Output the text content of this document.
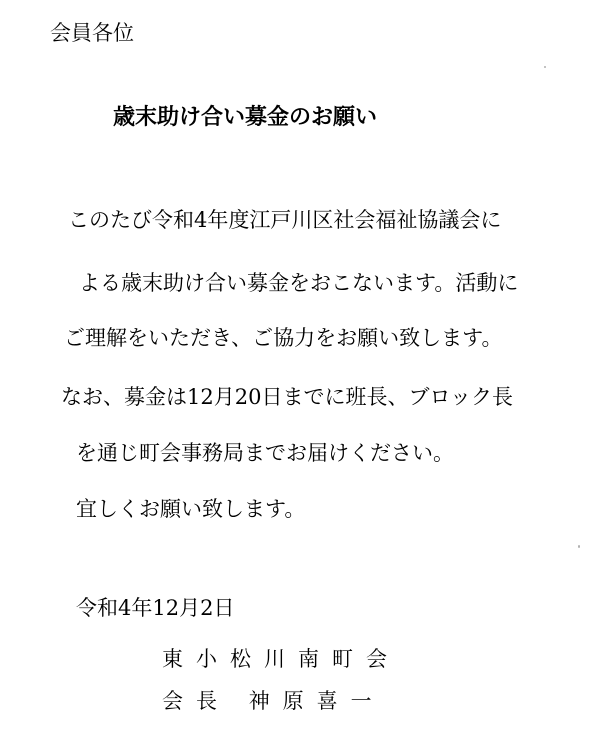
会員各位
歳末助け合い募金のお願い
このたび令和4年度江戸川区社会福祉協議会に
よる歳末助け合い募金をおこないます。活動に
ご理解をいただき、ご協力をお願い致します。
なお、募金は12月20日までに班長、ブロック長
を通じ町会事務局までお届けください。
宜しくお願い致します。
令和4年12月2日
東小松川南町会
会長 神原喜一
